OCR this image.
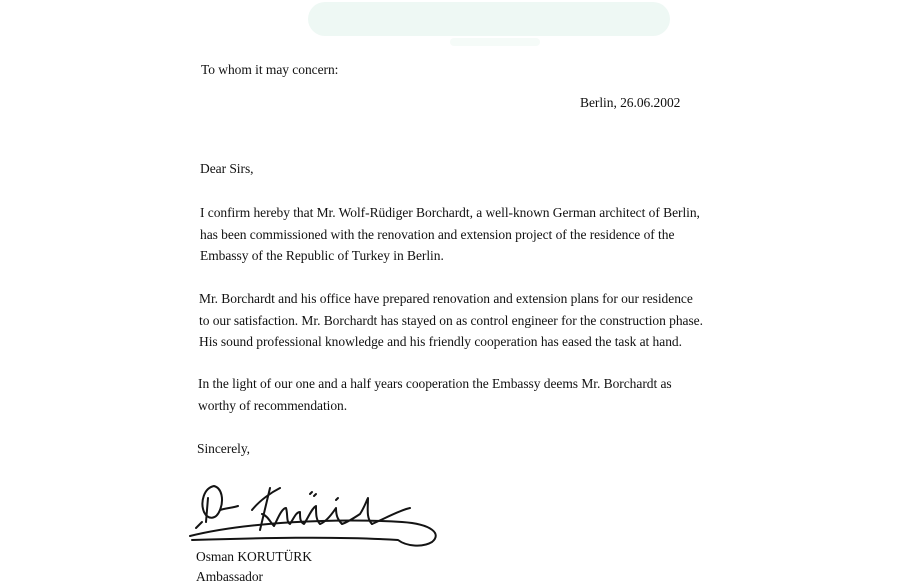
To whom it may concern:
Berlin, 26.06.2002
Dear Sirs,
I confirm hereby that Mr. Wolf-Rüdiger Borchardt, a well-known German architect of Berlin,
has been commissioned with the renovation and extension project of the residence of the
Embassy of the Republic of Turkey in Berlin.
Mr. Borchardt and his office have prepared renovation and extension plans for our residence
to our satisfaction. Mr. Borchardt has stayed on as control engineer for the construction phase.
His sound professional knowledge and his friendly cooperation has eased the task at hand.
In the light of our one and a half years cooperation the Embassy deems Mr. Borchardt as
worthy of recommendation.
Sincerely,
Osman KORUTÜRK
Ambassador
